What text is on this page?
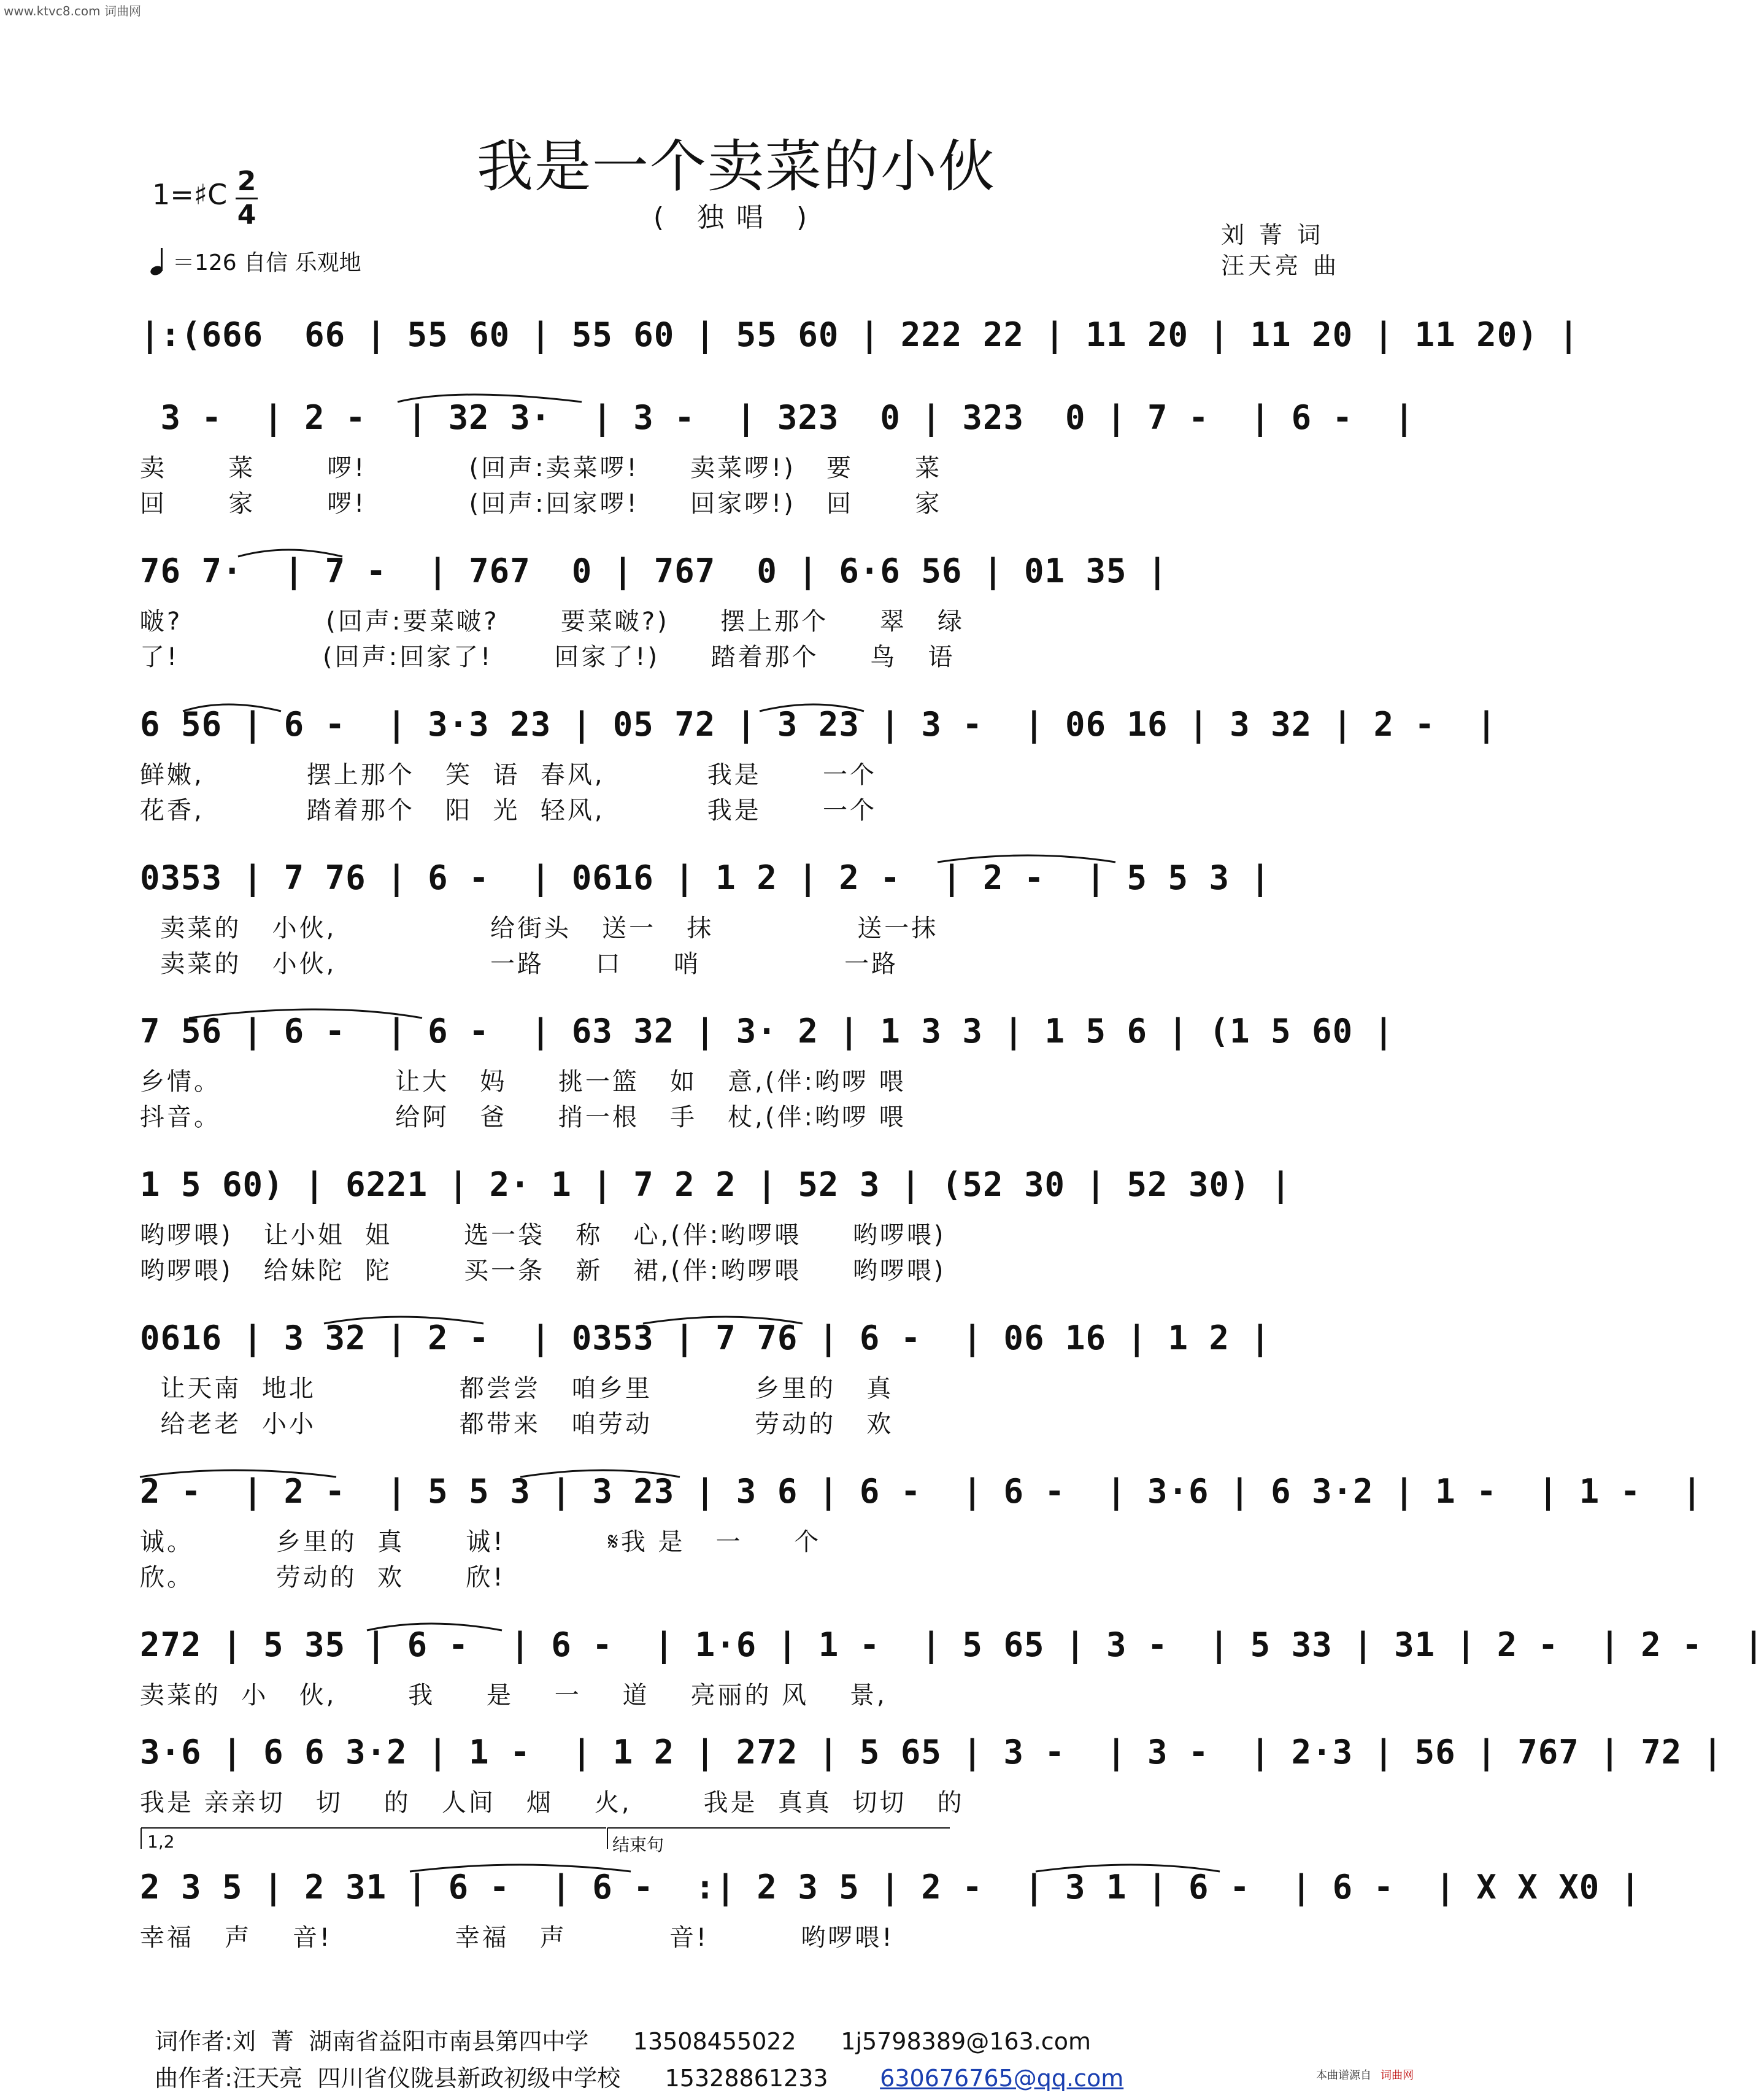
www.ktvc8.com 词曲网
我是一个卖菜的小伙
( 独唱 )
1=♯C 2
4
＝126 自信 乐观地
刘 菁 词
汪天亮 曲
|:(666  66 | 55 60 | 55 60 | 55 60 | 222 22 | 11 20 | 11 20 | 11 20) |
3 -  | 2 -  | 32 3·  | 3 -  | 323  0 | 323  0 | 7 -  | 6 -  |
卖      菜       啰!          (回声:卖菜啰!     卖菜啰!)   要      菜
回      家       啰!          (回声:回家啰!     回家啰!)   回      家
76 7·  | 7 -  | 767  0 | 767  0 | 6·6 56 | 01 35 |
啵?              (回声:要菜啵?      要菜啵?)     摆上那个     翠   绿
了!              (回声:回家了!      回家了!)     踏着那个     鸟   语
6 56 | 6 -  | 3·3 23 | 05 72 | 3 23 | 3 -  | 06 16 | 3 32 | 2 -  |
鲜嫩,          摆上那个   笑  语  春风,          我是      一个
花香,          踏着那个   阳  光  轻风,          我是      一个
0353 | 7 76 | 6 -  | 0616 | 1 2 | 2 -  | 2 -  | 5 5 3 |
卖菜的   小伙,               给街头   送一   抹              送一抹
卖菜的   小伙,               一路     口     哨              一路
7 56 | 6 -  | 6 -  | 63 32 | 3· 2 | 1 3 3 | 1 5 6 | (1 5 60 |
乡情。                 让大   妈     挑一篮   如   意,(伴:哟啰 喂
抖音。                 给阿   爸     捎一根   手   杖,(伴:哟啰 喂
1 5 60) | 6221 | 2· 1 | 7 2 2 | 52 3 | (52 30 | 52 30) |
哟啰喂)   让小姐  姐       选一袋   称   心,(伴:哟啰喂     哟啰喂)
哟啰喂)   给妹陀  陀       买一条   新   裙,(伴:哟啰喂     哟啰喂)
0616 | 3 32 | 2 -  | 0353 | 7 76 | 6 -  | 06 16 | 1 2 |
让天南  地北              都尝尝   咱乡里          乡里的   真
给老老  小小              都带来   咱劳动          劳动的   欢
2 -  | 2 -  | 5 5 3 | 3 23 | 3 6 | 6 -  | 6 -  | 3·6 | 6 3·2 | 1 -  | 1 -  |
诚。        乡里的  真      诚!          𝄋我 是   一     个
欣。        劳动的  欢      欣!
272 | 5 35 | 6 -  | 6 -  | 1·6 | 1 -  | 5 65 | 3 -  | 5 33 | 31 | 2 -  | 2 -  |
卖菜的  小   伙,       我     是    一    道    亮丽的 风    景,
3·6 | 6 6 3·2 | 1 -  | 1 2 | 272 | 5 65 | 3 -  | 3 -  | 2·3 | 56 | 767 | 72 |
我是 亲亲切   切    的   人间   烟    火,       我是  真真  切切   的
1,2	结束句
2 3 5 | 2 31 | 6 -  | 6 -  :| 2 3 5 | 2 -  | 3 1 | 6 -  | 6 -  | X X X0 |
幸福   声    音!            幸福   声          音!         哟啰喂!

词作者:刘  菁  湖南省益阳市南县第四中学 13508455022 1j5798389@163.com

曲作者:汪天亮  四川省仪陇县新政初级中学校 15328861233 630676765@qq.com	本曲谱源自 词曲网
